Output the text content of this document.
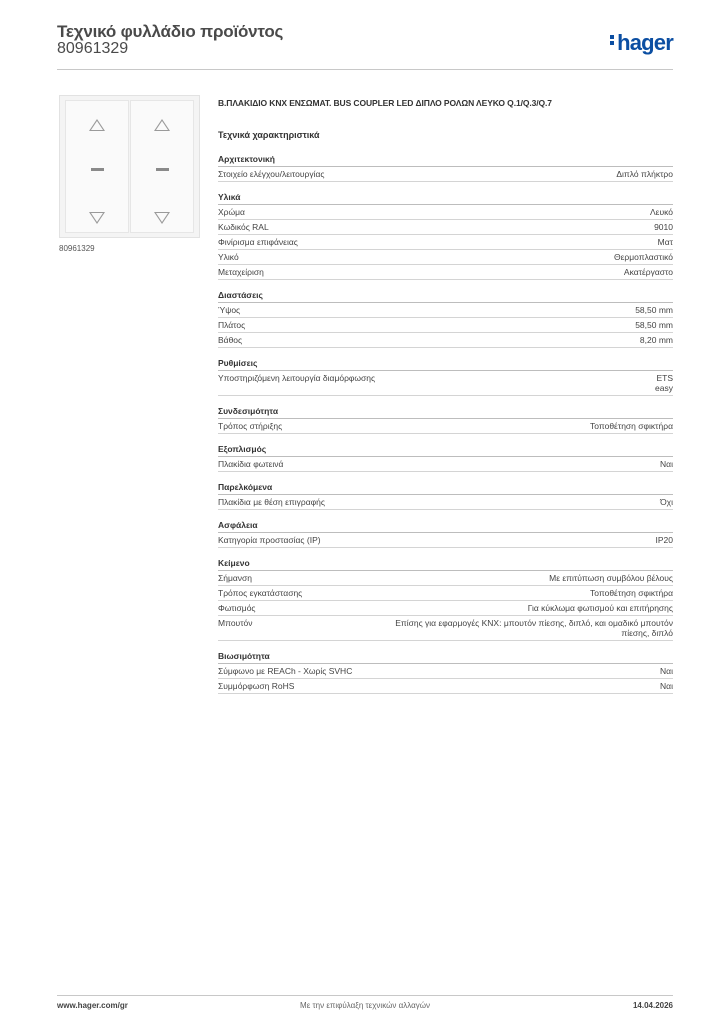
Τεχνικό φυλλάδιο προϊόντος
80961329	hager
80961329
Β.ΠΛΑΚΙΔΙΟ KNX ΕΝΣΩΜΑΤ. BUS COUPLER LED ΔΙΠΛΟ ΡΟΛΩΝ ΛΕΥΚΟ Q.1/Q.3/Q.7
Τεχνικά χαρακτηριστικά
Αρχιτεκτονική
Στοιχείο ελέγχου/λειτουργίας	Διπλό πλήκτρο
Υλικά
Χρώμα	Λευκό
Κωδικός RAL	9010
Φινίρισμα επιφάνειας	Ματ
Υλικό	Θερμοπλαστικό
Μεταχείριση	Ακατέργαστο
Διαστάσεις
Ύψος	58,50 mm
Πλάτος	58,50 mm
Βάθος	8,20 mm
Ρυθμίσεις
Υποστηριζόμενη λειτουργία διαμόρφωσης	ETS
easy
Συνδεσιμότητα
Τρόπος στήριξης	Τοποθέτηση σφικτήρα
Εξοπλισμός
Πλακίδια φωτεινά	Ναι
Παρελκόμενα
Πλακίδια με θέση επιγραφής	Όχι
Ασφάλεια
Κατηγορία προστασίας (IP)	IP20
Κείμενο
Σήμανση	Με επιτύπωση συμβόλου βέλους
Τρόπος εγκατάστασης	Τοποθέτηση σφικτήρα
Φωτισμός	Για κύκλωμα φωτισμού και επιτήρησης
Μπουτόν	Επίσης για εφαρμογές KNX: μπουτόν πίεσης, διπλό, και ομαδικό μπουτόν πίεσης, διπλό
Βιωσιμότητα
Σύμφωνο με REACh - Χωρίς SVHC	Ναι
Συμμόρφωση RoHS	Ναι
www.hager.com/gr	Με την επιφύλαξη τεχνικών αλλαγών	14.04.2026
